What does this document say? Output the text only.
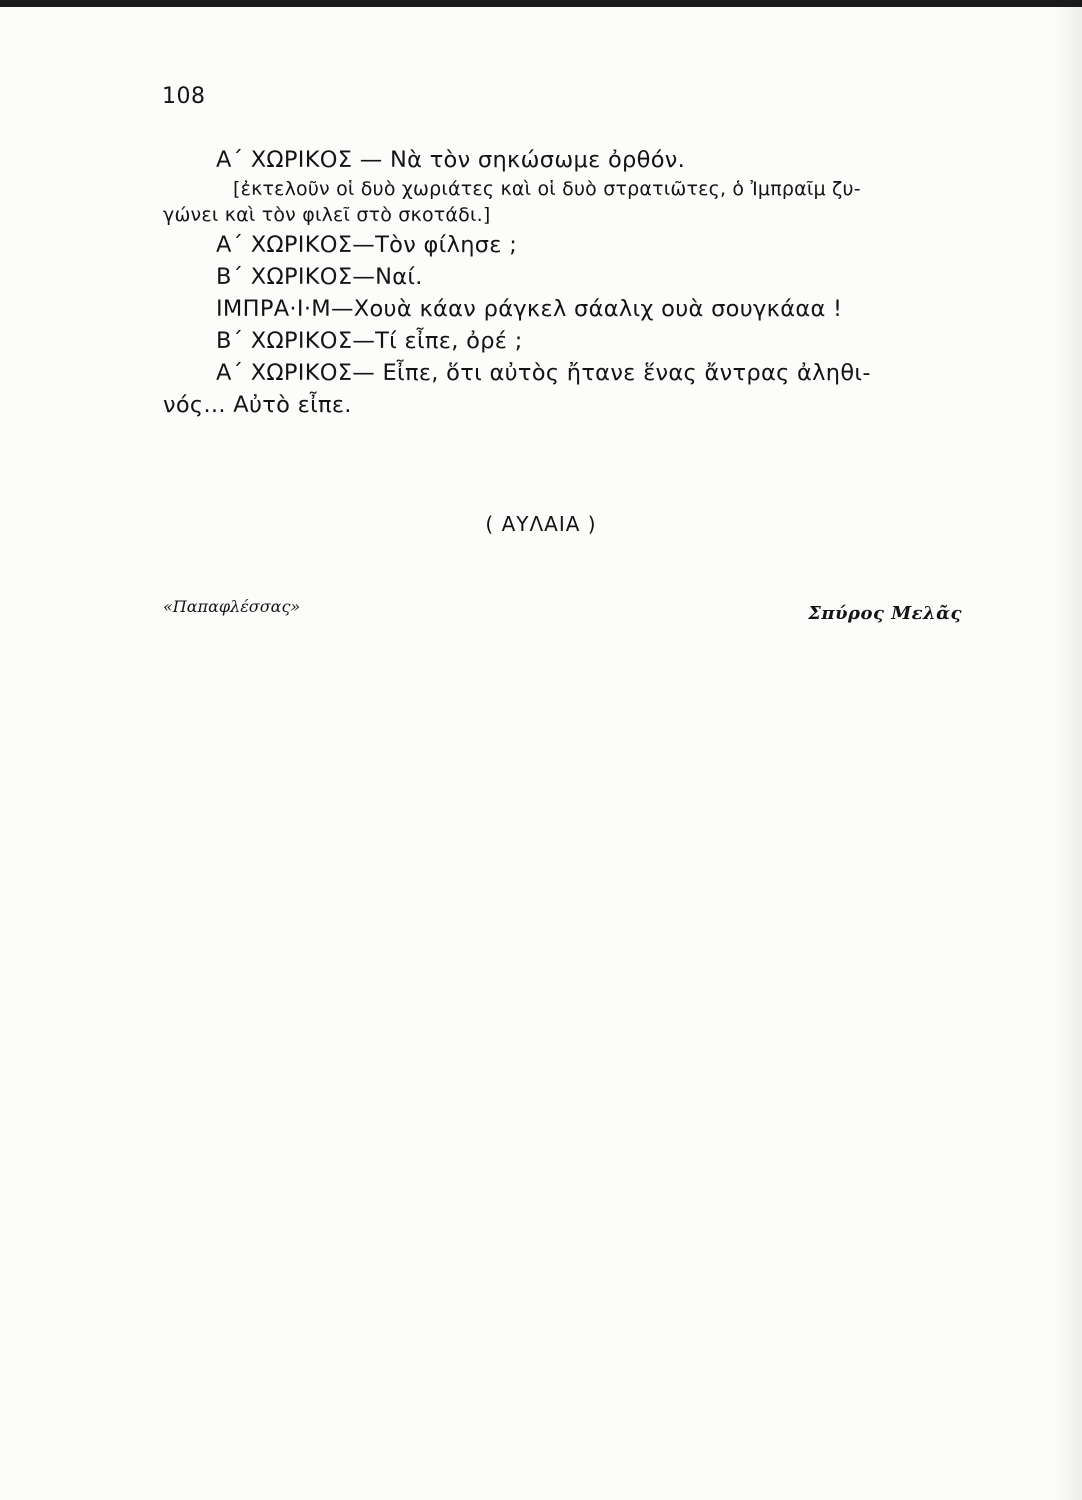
108
Α΄ ΧΩΡΙΚΟΣ — Νὰ τὸν σηκώσωμε ὀρθόν.
[ἐκτελοῦν οἱ δυὸ χωριάτες καὶ οἱ δυὸ στρατιῶτες, ὁ Ἰμπραῖμ ζυ-
γώνει καὶ τὸν φιλεῖ στὸ σκοτάδι.]
Α΄ ΧΩΡΙΚΟΣ—Τὸν φίλησε ;
Β΄ ΧΩΡΙΚΟΣ—Ναί.
ΙΜΠΡΑ·Ι·Μ—Χουὰ κάαν ράγκελ σάαλιχ ουὰ σουγκάαα !
Β΄ ΧΩΡΙΚΟΣ—Τί εἶπε, ὀρέ ;
Α΄ ΧΩΡΙΚΟΣ— Εἶπε, ὅτι αὐτὸς ἤτανε ἕνας ἄντρας ἀληθι-
νός... Αὐτὸ εἶπε.
( ΑΥΛΑΙΑ )
«Παπαφλέσσας»	Σπύρος Μελᾶς
